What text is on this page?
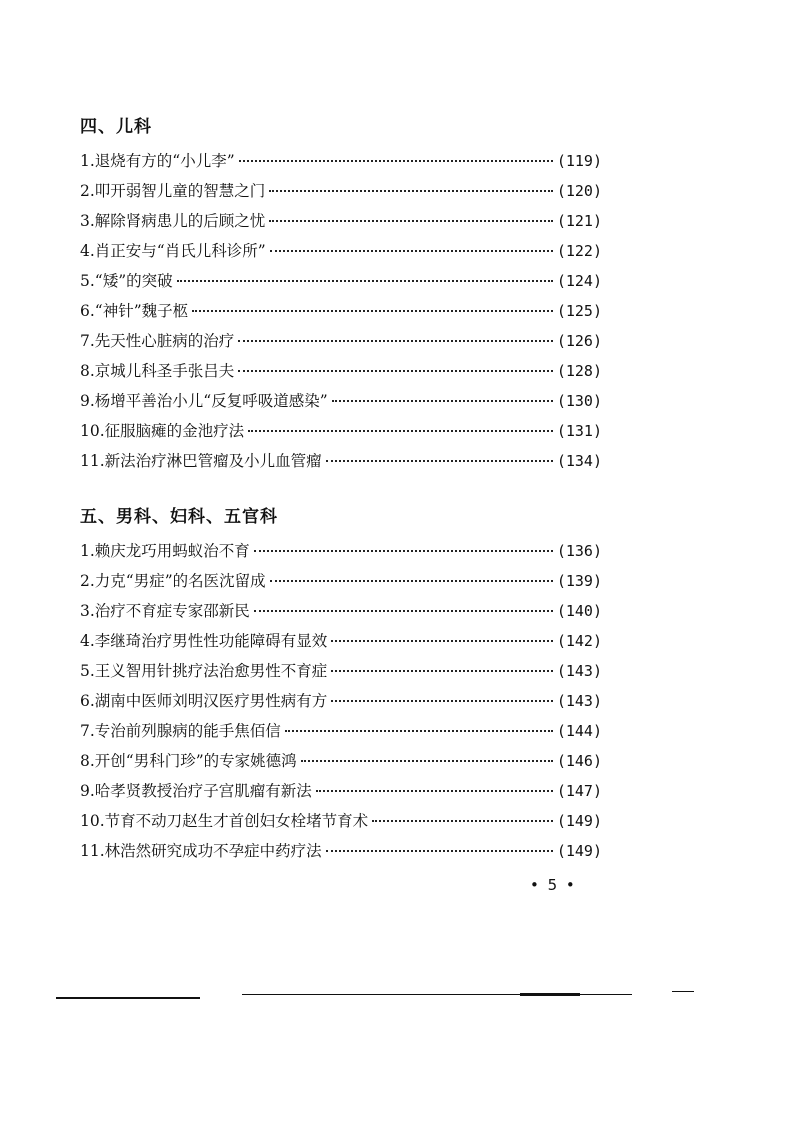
四、儿科
1. 退烧有方的“小儿李”	(119)
2. 叩开弱智儿童的智慧之门	(120)
3. 解除肾病患儿的后顾之忧	(121)
4. 肖正安与“肖氏儿科诊所”	(122)
5. “矮”的突破	(124)
6. “神针”魏子柩	(125)
7. 先天性心脏病的治疗	(126)
8. 京城儿科圣手张吕夫	(128)
9. 杨增平善治小儿“反复呼吸道感染”	(130)
10. 征服脑瘫的金池疗法	(131)
11. 新法治疗淋巴管瘤及小儿血管瘤	(134)
五、男科、妇科、五官科
1. 赖庆龙巧用蚂蚁治不育	(136)
2. 力克“男症”的名医沈留成	(139)
3. 治疗不育症专家邵新民	(140)
4. 李继琦治疗男性性功能障碍有显效	(142)
5. 王义智用针挑疗法治愈男性不育症	(143)
6. 湖南中医师刘明汉医疗男性病有方	(143)
7. 专治前列腺病的能手焦佰信	(144)
8. 开创“男科门珍”的专家姚德鸿	(146)
9. 哈孝贤教授治疗子宫肌瘤有新法	(147)
10. 节育不动刀赵生才首创妇女栓堵节育术	(149)
11. 林浩然研究成功不孕症中药疗法	(149)
• 5 •
